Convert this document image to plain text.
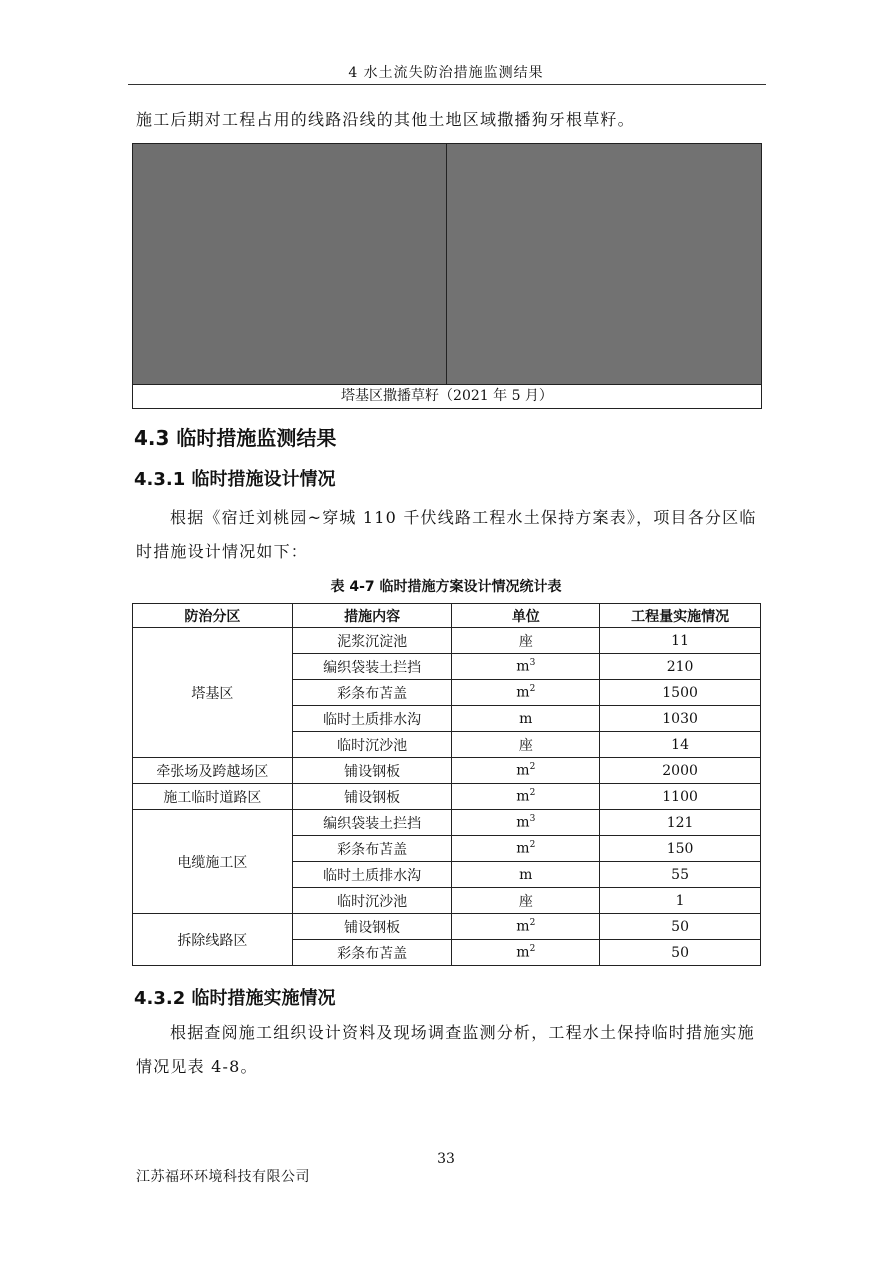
4 水土流失防治措施监测结果
施工后期对工程占用的线路沿线的其他土地区域撒播狗牙根草籽。
塔基区撒播草籽（2021 年 5 月）
4.3 临时措施监测结果
4.3.1 临时措施设计情况
根据《宿迁刘桃园~穿城 110 千伏线路工程水土保持方案表》，项目各分区临时措施设计情况如下：
表 4-7 临时措施方案设计情况统计表
防治分区	措施内容	单位	工程量实施情况
塔基区	泥浆沉淀池	座	11
	编织袋装土拦挡	$m^3$	210
	彩条布苫盖	$m^2$	1500
	临时土质排水沟	m	1030
	临时沉沙池	座	14
牵张场及跨越场区	铺设钢板	$m^2$	2000
施工临时道路区	铺设钢板	$m^2$	1100
电缆施工区	编织袋装土拦挡	$m^3$	121
	彩条布苫盖	$m^2$	150
	临时土质排水沟	m	55
	临时沉沙池	座	1
拆除线路区	铺设钢板	$m^2$	50
	彩条布苫盖	$m^2$	50
4.3.2 临时措施实施情况
根据查阅施工组织设计资料及现场调查监测分析，工程水土保持临时措施实施情况见表 4-8。
33
江苏福环环境科技有限公司
